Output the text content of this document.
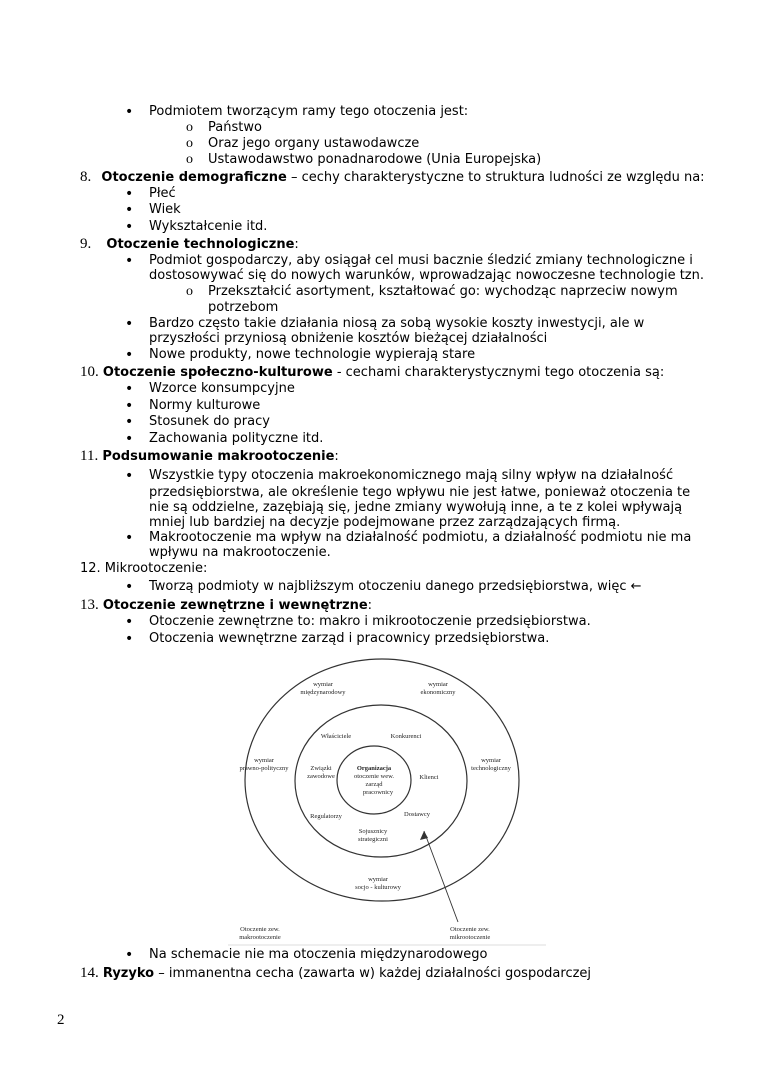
• Podmiotem tworzącym ramy tego otoczenia jest:
o Państwo
o Oraz jego organy ustawodawcze
o Ustawodawstwo ponadnarodowe (Unia Europejska)
8. Otoczenie demograficzne – cechy charakterystyczne to struktura ludności ze względu na:
• Płeć
• Wiek
• Wykształcenie itd.
9. Otoczenie technologiczne:
• Podmiot gospodarczy, aby osiągał cel musi bacznie śledzić zmiany technologiczne i
dostosowywać się do nowych warunków, wprowadzając nowoczesne technologie tzn.
o Przekształcić asortyment, kształtować go: wychodząc naprzeciw nowym
potrzebom
• Bardzo często takie działania niosą za sobą wysokie koszty inwestycji, ale w
przyszłości przyniosą obniżenie kosztów bieżącej działalności
• Nowe produkty, nowe technologie wypierają stare
10. Otoczenie społeczno-kulturowe - cechami charakterystycznymi tego otoczenia są:
• Wzorce konsumpcyjne
• Normy kulturowe
• Stosunek do pracy
• Zachowania polityczne itd.
11. Podsumowanie makrootoczenie:
• Wszystkie typy otoczenia makroekonomicznego mają silny wpływ na działalność
przedsiębiorstwa, ale określenie tego wpływu nie jest łatwe, ponieważ otoczenia te
nie są oddzielne, zazębiają się, jedne zmiany wywołują inne, a te z kolei wpływają
mniej lub bardziej na decyzje podejmowane przez zarządzających firmą.
• Makrootoczenie ma wpływ na działalność podmiotu, a działalność podmiotu nie ma
wpływu na makrootoczenie.
12. Mikrootoczenie:
• Tworzą podmioty w najbliższym otoczeniu danego przedsiębiorstwa, więc ←
13. Otoczenie zewnętrzne i wewnętrzne:
• Otoczenie zewnętrzne to: makro i mikrootoczenie przedsiębiorstwa.
• Otoczenia wewnętrzne zarząd i pracownicy przedsiębiorstwa.
wymiar
międzynarodowy
wymiar
ekonomiczny
wymiar
prawno-polityczny
wymiar
technologiczny
wymiar
socjo - kulturowy
Właściciele	Konkurenci
Związki
zawodowe	Klienci
Regulatorzy	Dostawcy
Sojusznicy
strategiczni
Organizacja
otoczenie wew.
zarząd
pracownicy
Otoczenie zew.
makrootoczenie
Otoczenie zew.
mikrootoczenie
• Na schemacie nie ma otoczenia międzynarodowego
14. Ryzyko – immanentna cecha (zawarta w) każdej działalności gospodarczej
2
